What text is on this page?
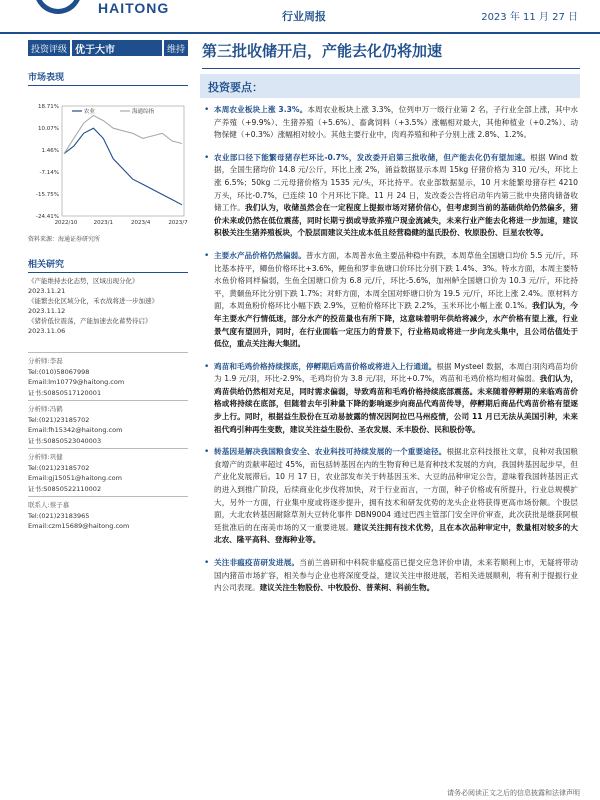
HAITONG
行业周报	2023 年 11 月 27 日
投资评级 优于大市	维持
市场表现
18.71%
10.07%
1.46%
-7.14%
-15.75%
-24.41%
2022/10	2023/1	2023/4	2023/7
农业	海通综指
资料来源：海通证券研究所
相关研究
《产能维持去化态势，区域出现分化》
2023.11.21
《能繁去化区域分化，禾衣战将进一步加速》
2023.11.12
《猪价低位震荡，产能加速去化蓄势待启》
2023.11.06
分析师:李磊
Tel:(010)58067998
Email:lm10779@haitong.com
证书:S0850517120001
分析师:冯鹤
Tel:(021)23185702
Email:fh15342@haitong.com
证书:S0850523040003
分析师:巩健
Tel:(021)23185702
Email:gj15051@haitong.com
证书:S0850522110002
联系人:蔡子慕
Tel:(021)23183965
Email:czm15689@haitong.com
第三批收储开启，产能去化仍将加速
投资要点：
• 本周农业板块上涨 3.3%。本周农业板块上涨 3.3%，位列申万一级行业第 2 名，子行业全部上涨，其中水产养殖（+9.9%）、生猪养殖（+5.6%）、畜禽饲料（+3.5%）涨幅相对最大，其他种植业（+0.2%）、动物保健（+0.3%）涨幅相对较小。其他主要行业中，肉鸡养殖和种子分别上涨 2.8%、1.2%。
• 农业部口径下能繁母猪存栏环比-0.7%，发改委开启第三批收储，但产能去化仍有望加速。根据 Wind 数据，全国生猪均价 14.8 元/公斤，环比上涨 2%，涌益数据显示本周 15kg 仔猪价格为 310 元/头，环比上涨 6.5%；50kg 二元母猪价格为 1535 元/头，环比持平。农业部数据显示，10 月末能繁母猪存栏 4210 万头，环比-0.7%，已连续 10 个月环比下降。11 月 24 日，发改委公告将启动年内第三批中央猪肉储备收储工作。我们认为，收储虽然会在一定程度上提振市场对猪价信心，但考虑到当前的基础供给仍然偏多，猪价未来或仍然在低位震荡，同时长期亏损或导致养殖户现金流减失，未来行业产能去化将进一步加速，建议积极关注生猪养殖板块，个股层面建议关注成本低且经营稳健的温氏股份、牧原股份、巨星农牧等。
• 主要水产品价格仍然偏弱。普水方面，本周普水鱼主要品种稳中有跌，本周草鱼全国塘口均价 5.5 元/斤，环比基本持平，鲫鱼价格环比+3.6%，鲤鱼和罗非鱼塘口价环比分别下跌 1.4%、3%。特水方面，本周主要特水鱼价格同样偏弱，生鱼全国塘口价为 6.8 元/斤，环比-5.6%，加州鲈全国塘口价为 10.3 元/斤，环比持平，黄颡鱼环比分别下跌 1.7%；对虾方面，本周全国对虾塘口价为 19.5 元/斤，环比上涨 2.4%。原材料方面，本周鱼粉价格环比小幅下跌 2.9%，豆粕价格环比下跌 2.2%，玉米环比小幅上涨 0.1%。我们认为，今年主要水产行情低迷，部分水产的投苗量也有所下降，这意味着明年供给将减少，水产价格有望上涨，行业景气度有望回升，同时，在行业面临一定压力的背景下，行业格局或将进一步向龙头集中，且公司估值处于低位，重点关注海大集团。
• 鸡苗和毛鸡价格持续探底，停孵期后鸡苗价格或将进入上行通道。根据 Mysteel 数据，本周白羽肉鸡苗均价为 1.9 元/羽，环比-2.9%，毛鸡均价为 3.8 元/羽，环比+0.7%，鸡苗和毛鸡价格均相对偏弱。我们认为，鸡苗供给仍然相对充足，同时需求偏弱，导致鸡苗和毛鸡价格持续底部震荡。未来随着停孵期的来临鸡苗价格或将持续在底部，但随着去年引种量下降的影响逐步向商品代鸡苗传导，停孵期后商品代鸡苗价格有望逐步上行。同时，根据益生股份在互动易披露的情况因阿拉巴马州疫情，公司 11 月已无法从美国引种，未来祖代鸡引种再生变数，建议关注益生股份、圣农发展、禾丰股份、民和股份等。
• 转基因是解决我国粮食安全、农业科技可持续发展的一个重要途径。根据北京科技报社文章，良种对我国粮食增产的贡献率超过 45%，而包括转基因在内的生物育种已是育种技术发展的方向，我国转基因起步早，但产业化发展滞后。10 月 17 日，农业部发布关于转基因玉米、大豆的品种审定公告，意味着我国转基因正式的进入到推广阶段，后续商业化步伐将加快，对于行业而言，一方面，种子价格或有所提升，行业总规模扩大，另外一方面，行业集中度或将逐步提升，拥有技术和研发优势的龙头企业将获得更高市场份额。个股层面，大北农转基因耐除草剂大豆转化事件 DBN9004 通过巴西主管部门安全评价审查，此次获批是继获阿根廷批准后的在南美市场的又一重要进展。建议关注拥有技术优势，且在本次品种审定中，数量相对较多的大北农、隆平高科、登海种业等。
• 关注非瘟疫苗研发进展。当前兰兽研和中科院非瘟疫苗已提交应急评价申请，未来若顺利上市，无疑将带动国内猪苗市场扩容，相关参与企业也将深度受益，建议关注申报进展，若相关进展顺利，将有利于提振行业内公司表现。建议关注生物股份、中牧股份、普莱柯、科前生物。
请务必阅读正文之后的信息披露和法律声明
